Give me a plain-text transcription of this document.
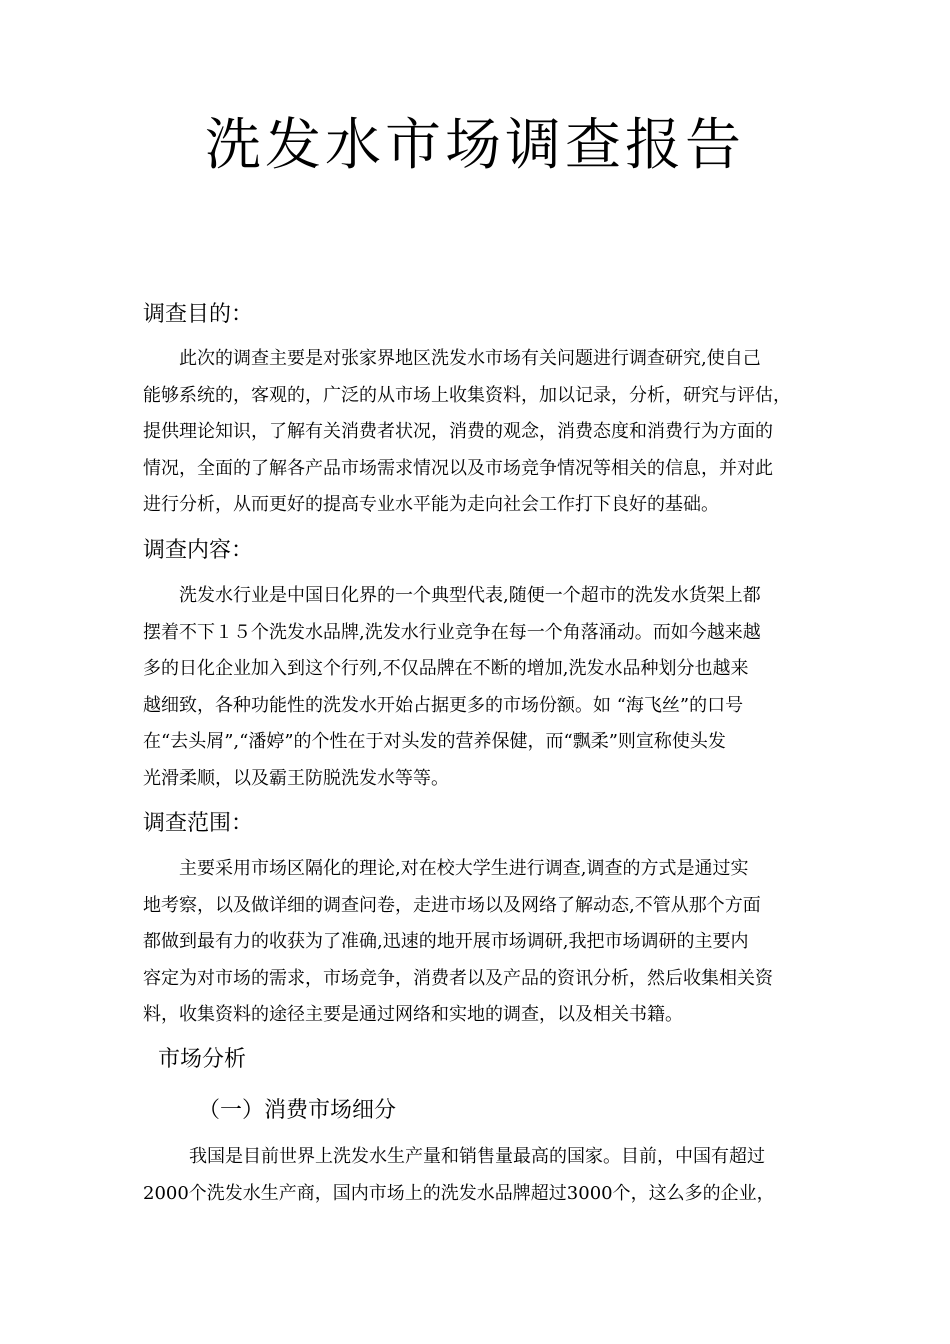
洗发水市场调查报告
调查目的：
此次的调查主要是对张家界地区洗发水市场有关问题进行调查研究,使自己
能够系统的，客观的，广泛的从市场上收集资料，加以记录，分析，研究与评估，
提供理论知识，了解有关消费者状况，消费的观念，消费态度和消费行为方面的
情况，全面的了解各产品市场需求情况以及市场竞争情况等相关的信息，并对此
进行分析，从而更好的提高专业水平能为走向社会工作打下良好的基础。
调查内容：
洗发水行业是中国日化界的一个典型代表,随便一个超市的洗发水货架上都
摆着不下１５个洗发水品牌,洗发水行业竞争在每一个角落涌动。而如今越来越
多的日化企业加入到这个行列,不仅品牌在不断的增加,洗发水品种划分也越来
越细致，各种功能性的洗发水开始占据更多的市场份额。如 “海飞丝”的口号
在“去头屑”,“潘婷”的个性在于对头发的营养保健，而“飘柔”则宣称使头发
光滑柔顺，以及霸王防脱洗发水等等。
调查范围：
主要采用市场区隔化的理论,对在校大学生进行调查,调查的方式是通过实
地考察，以及做详细的调查问卷，走进市场以及网络了解动态,不管从那个方面
都做到最有力的收获为了准确,迅速的地开展市场调研,我把市场调研的主要内
容定为对市场的需求，市场竞争，消费者以及产品的资讯分析，然后收集相关资
料，收集资料的途径主要是通过网络和实地的调查，以及相关书籍。
市场分析
（一）消费市场细分
我国是目前世界上洗发水生产量和销售量最高的国家。目前，中国有超过
2000个洗发水生产商，国内市场上的洗发水品牌超过3000个，这么多的企业，
